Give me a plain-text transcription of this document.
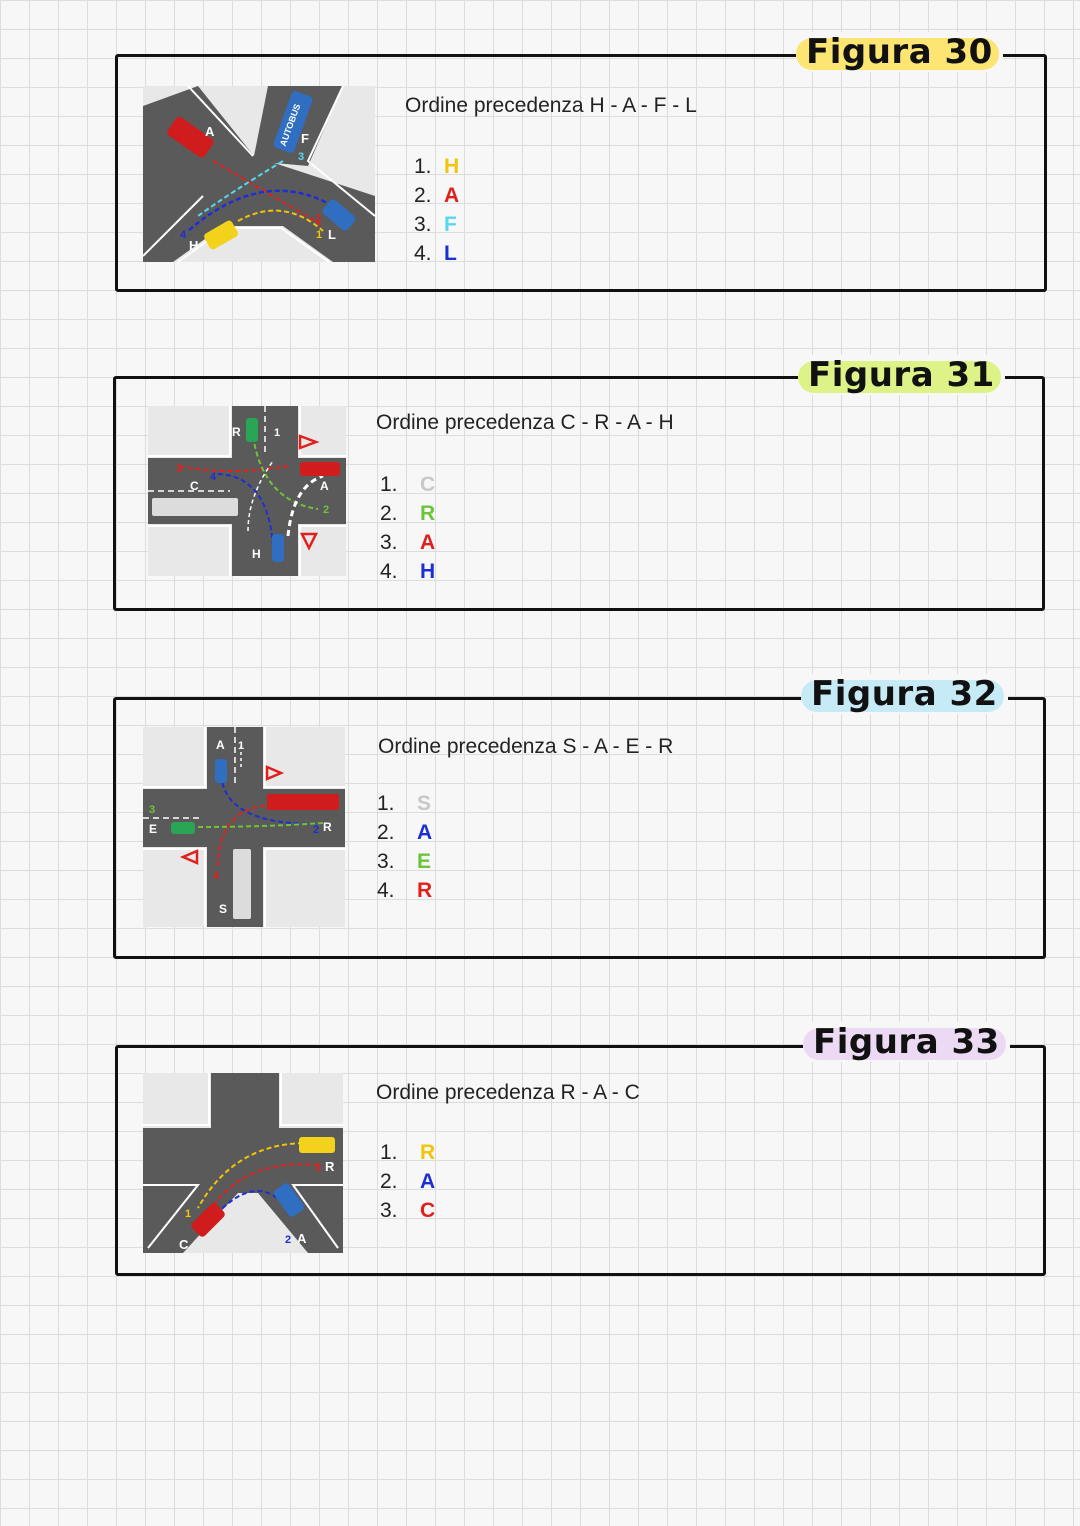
Figura 30
AUTOBUS
A	F
H
L
1
2
3
4
Ordine precedenza H - A - F - L
1. H
2. A
3. F
4. L
Figura 31
R
C	A
H
1
2
3
4
Ordine precedenza C - R - A - H
1. C
2. R
3. A
4. H
Figura 32
A
E	R
S
1
2
3
4
Ordine precedenza S - A - E - R
1. S
2. A
3. E
4. R
Figura 33
R
A
C
1
2
3
Ordine precedenza R - A - C
1. R
2. A
3. C
